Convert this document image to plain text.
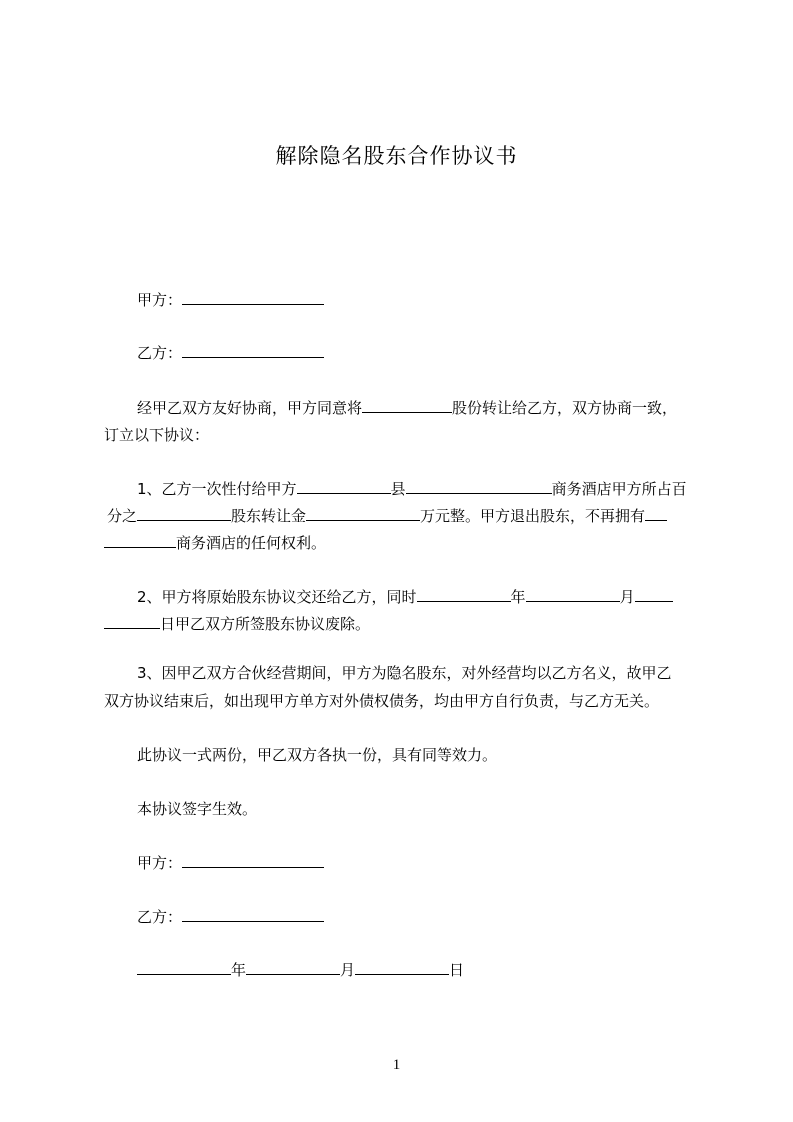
解除隐名股东合作协议书
甲方：
乙方：
经甲乙双方友好协商，甲方同意将	股份转让给乙方，双方协商一致，
订立以下协议：
1、乙方一次性付给甲方	县	商务酒店甲方所占百
分之	股东转让金	万元整。甲方退出股东，不再拥有
商务酒店的任何权利。
2、甲方将原始股东协议交还给乙方，同时	年	月
日甲乙双方所签股东协议废除。
3、因甲乙双方合伙经营期间，甲方为隐名股东，对外经营均以乙方名义，故甲乙
双方协议结束后，如出现甲方单方对外债权债务，均由甲方自行负责，与乙方无关。
此协议一式两份，甲乙双方各执一份，具有同等效力。
本协议签字生效。
甲方：
乙方：
年	月	日
1
